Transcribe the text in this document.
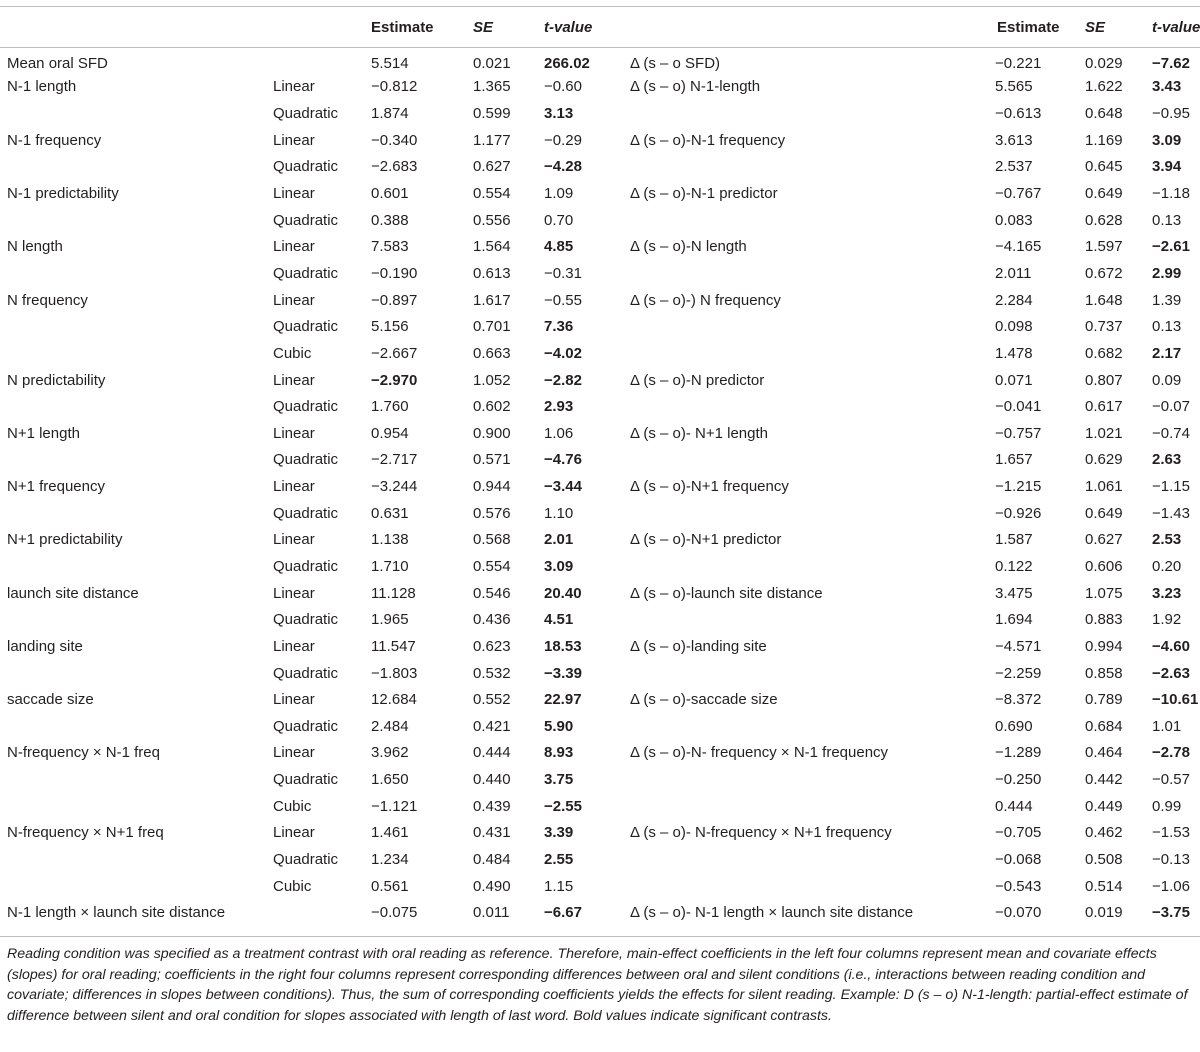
		Estimate	SE	t-value		Estimate	SE	t-value
Mean oral SFD		5.514	0.021	266.02	Δ (s – o SFD)	−0.221	0.029	−7.62
N-1 length	Linear	−0.812	1.365	−0.60	Δ (s – o) N-1-length	5.565	1.622	3.43
	Quadratic	1.874	0.599	3.13		−0.613	0.648	−0.95
N-1 frequency	Linear	−0.340	1.177	−0.29	Δ (s – o)-N-1 frequency	3.613	1.169	3.09
	Quadratic	−2.683	0.627	−4.28		2.537	0.645	3.94
N-1 predictability	Linear	0.601	0.554	1.09	Δ (s – o)-N-1 predictor	−0.767	0.649	−1.18
	Quadratic	0.388	0.556	0.70		0.083	0.628	0.13
N length	Linear	7.583	1.564	4.85	Δ (s – o)-N length	−4.165	1.597	−2.61
	Quadratic	−0.190	0.613	−0.31		2.011	0.672	2.99
N frequency	Linear	−0.897	1.617	−0.55	Δ (s – o)-) N frequency	2.284	1.648	1.39
	Quadratic	5.156	0.701	7.36		0.098	0.737	0.13
	Cubic	−2.667	0.663	−4.02		1.478	0.682	2.17
N predictability	Linear	−2.970	1.052	−2.82	Δ (s – o)-N predictor	0.071	0.807	0.09
	Quadratic	1.760	0.602	2.93		−0.041	0.617	−0.07
N+1 length	Linear	0.954	0.900	1.06	Δ (s – o)- N+1 length	−0.757	1.021	−0.74
	Quadratic	−2.717	0.571	−4.76		1.657	0.629	2.63
N+1 frequency	Linear	−3.244	0.944	−3.44	Δ (s – o)-N+1 frequency	−1.215	1.061	−1.15
	Quadratic	0.631	0.576	1.10		−0.926	0.649	−1.43
N+1 predictability	Linear	1.138	0.568	2.01	Δ (s – o)-N+1 predictor	1.587	0.627	2.53
	Quadratic	1.710	0.554	3.09		0.122	0.606	0.20
launch site distance	Linear	11.128	0.546	20.40	Δ (s – o)-launch site distance	3.475	1.075	3.23
	Quadratic	1.965	0.436	4.51		1.694	0.883	1.92
landing site	Linear	11.547	0.623	18.53	Δ (s – o)-landing site	−4.571	0.994	−4.60
	Quadratic	−1.803	0.532	−3.39		−2.259	0.858	−2.63
saccade size	Linear	12.684	0.552	22.97	Δ (s – o)-saccade size	−8.372	0.789	−10.61
	Quadratic	2.484	0.421	5.90		0.690	0.684	1.01
N-frequency × N-1 freq	Linear	3.962	0.444	8.93	Δ (s – o)-N- frequency × N-1 frequency	−1.289	0.464	−2.78
	Quadratic	1.650	0.440	3.75		−0.250	0.442	−0.57
	Cubic	−1.121	0.439	−2.55		0.444	0.449	0.99
N-frequency × N+1 freq	Linear	1.461	0.431	3.39	Δ (s – o)- N-frequency × N+1 frequency	−0.705	0.462	−1.53
	Quadratic	1.234	0.484	2.55		−0.068	0.508	−0.13
	Cubic	0.561	0.490	1.15		−0.543	0.514	−1.06
N-1 length × launch site distance		−0.075	0.011	−6.67	Δ (s – o)- N-1 length × launch site distance	−0.070	0.019	−3.75

Reading condition was specified as a treatment contrast with oral reading as reference. Therefore, main-effect coefficients in the left four columns represent mean and covariate effects (slopes) for oral reading; coefficients in the right four columns represent corresponding differences between oral and silent conditions (i.e., interactions between reading condition and covariate; differences in slopes between conditions). Thus, the sum of corresponding coefficients yields the effects for silent reading. Example: D (s – o) N-1-length: partial-effect estimate of difference between silent and oral condition for slopes associated with length of last word. Bold values indicate significant contrasts.
